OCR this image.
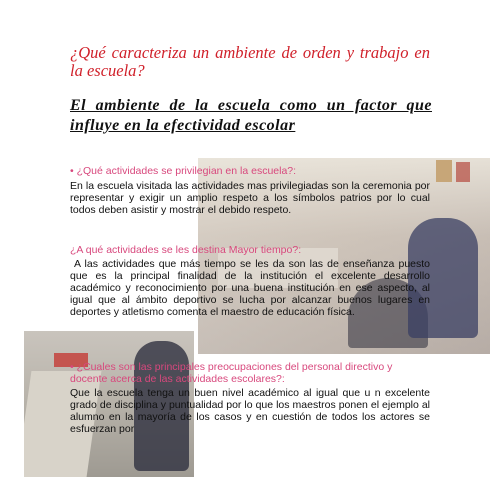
¿Qué caracteriza un ambiente de orden y trabajo en la escuela?
El ambiente de la escuela como un factor que influye en la efectividad escolar
• ¿Qué actividades se privilegian en la escuela?:
En la escuela visitada las actividades mas privilegiadas son la ceremonia por representar y exigir un amplio respeto a los símbolos patrios por lo cual todos deben asistir y mostrar el debido respeto.
¿A qué actividades se les destina Mayor tiempo?:
A las actividades que más tiempo se les da son las de enseñanza puesto que es la principal finalidad de la institución el excelente desarrollo académico y reconocimiento por una buena institución en ese aspecto, al igual que al ámbito deportivo se lucha por alcanzar buenos lugares en deportes y atletismo comenta el maestro de educación física.
• ¿Cuales son las principales preocupaciones del personal directivo y docente acerca de las actividades escolares?:
Que la escuela tenga un buen nivel académico al igual que u n excelente grado de disciplina y puntualidad por lo que los maestros ponen el ejemplo al alumno en la mayoría de los casos y en cuestión de todos los actores se esfuerzan por
